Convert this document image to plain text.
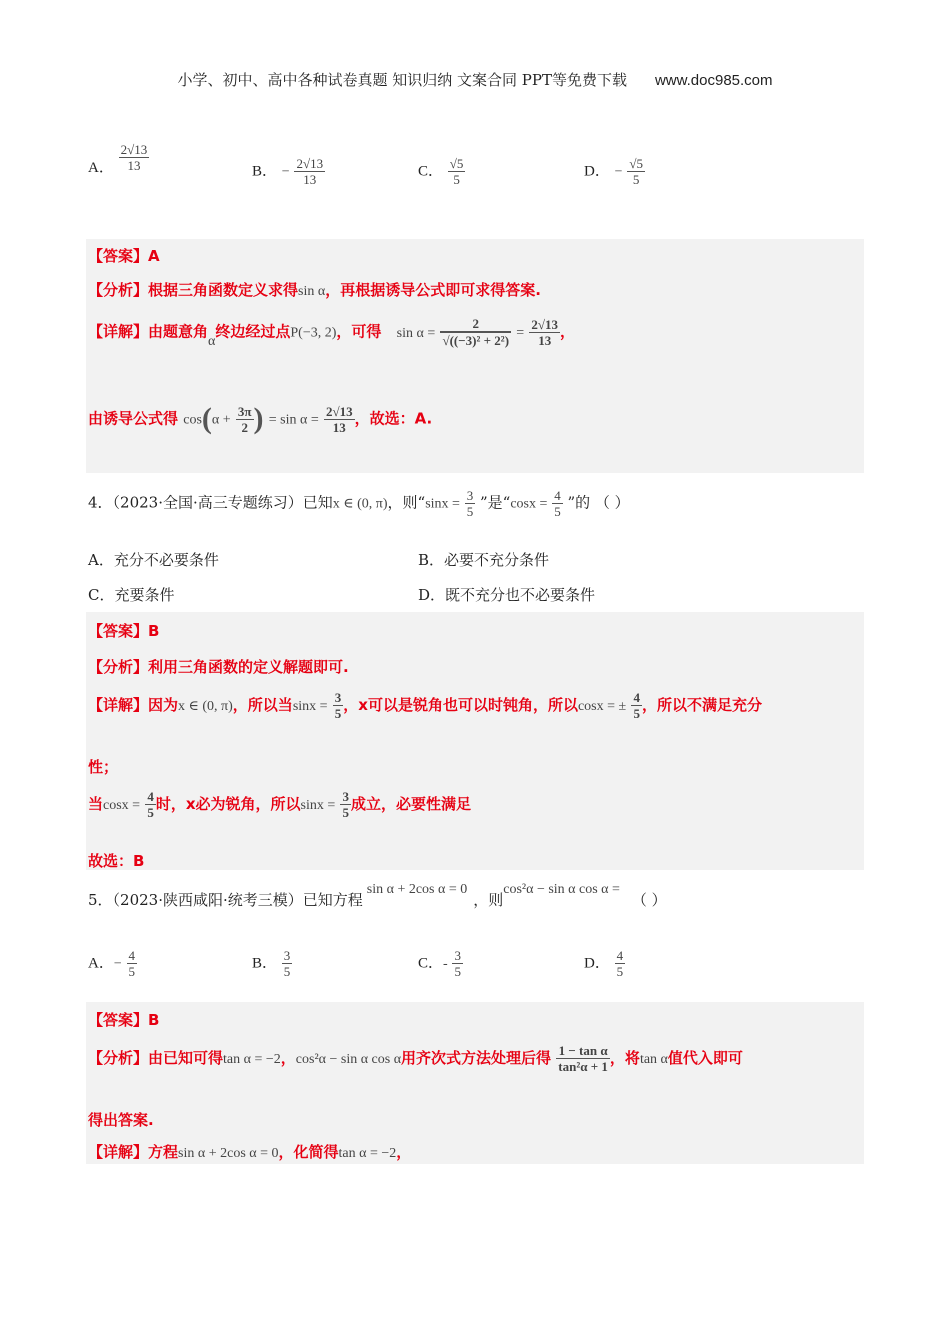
小学、初中、高中各种试卷真题 知识归纳 文案合同 PPT等免费下载 www.doc985.com
A． $\frac{2√13}{13}$	B． − $\frac{2√13}{13}$	C． $\frac{√5}{5}$	D． − $\frac{√5}{5}$
【答案】A
【分析】根据三角函数定义求得sin α，再根据诱导公式即可求得答案.
【详解】由题意角α终边经过点P(−3, 2)，可得 $\sin \alpha = \frac{2}{\text{√((−3)² + 2²)}} = \frac{2√13}{13}$ ，
由诱导公式得 $\cos(\alpha + \frac{3\pi}{2}$ ) = $\sin \alpha = \frac{2√13}{13}$ ，故选：A.
4．（2023·全国·高三专题练习）已知x ∈ (0, π)，则“$\sin x = \frac{3}{5}$ ”是“$\cos x = \frac{4}{5}$ ”的 （ ）
A．充分不必要条件	B．必要不充分条件
C．充要条件	D．既不充分也不必要条件
【答案】B
【分析】利用三角函数的定义解题即可.
【详解】因为x ∈ (0, π)，所以当$\sin x = \frac{3}{5}$ ，x可以是锐角也可以时钝角，所以cosx = ± $\frac{4}{5}$ ，所以不满足充分
性；
当$\cos x = \frac{4}{5}$ 时，x必为锐角，所以$\sin x = \frac{3}{5}$ 成立，必要性满足
故选：B
5．（2023·陕西咸阳·统考三模）已知方程sin α + 2cos α = 0，则cos²α − sin α cos α =（ ）
A．− $\frac{4}{5}$	B． $\frac{3}{5}$	C．- $\frac{3}{5}$	D． $\frac{4}{5}$
【答案】B
【分析】由已知可得tan α = −2，cos²α − sin α cos α用齐次式方法处理后得 $\frac{\text{1 − tan α}}{\text{tan²α + 1}}$ ，将tan α值代入即可
得出答案.
【详解】方程sin α + 2cos α = 0，化简得tan α = −2，
